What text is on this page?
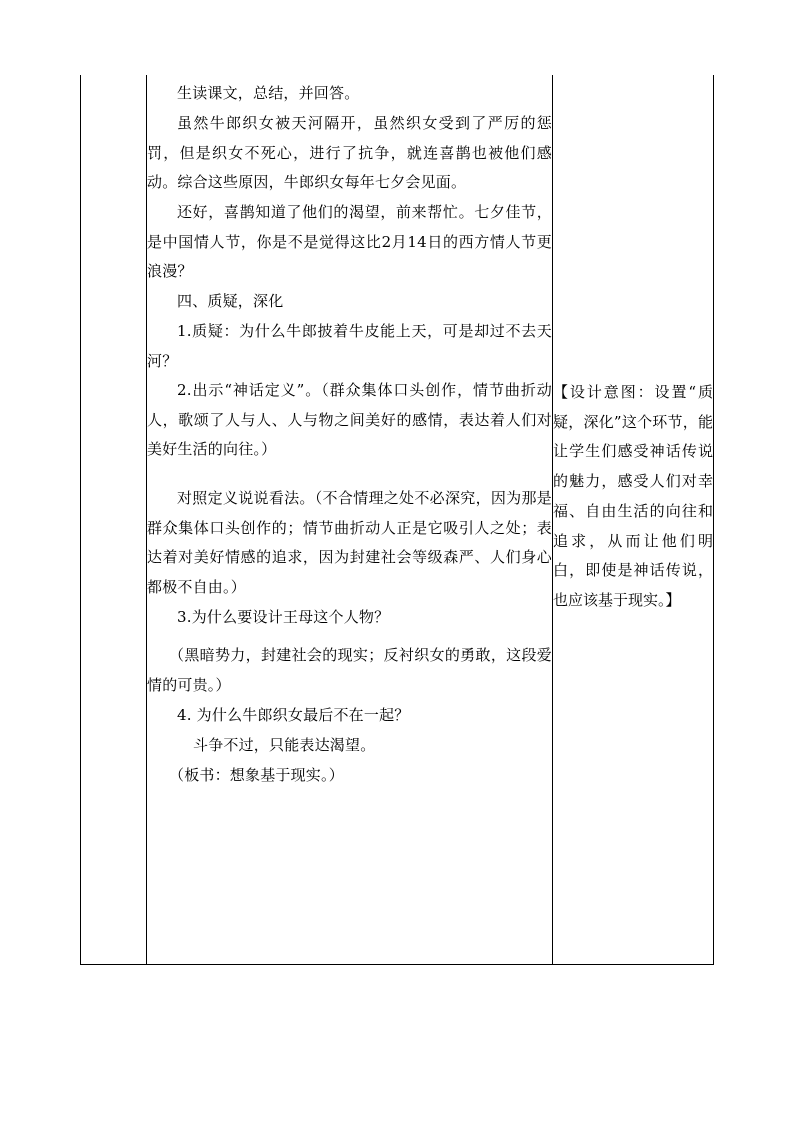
生读课文，总结，并回答。

虽然牛郎织女被天河隔开，虽然织女受到了严厉的惩罚，但是织女不死心，进行了抗争，就连喜鹊也被他们感动。综合这些原因，牛郎织女每年七夕会见面。

还好，喜鹊知道了他们的渴望，前来帮忙。七夕佳节，是中国情人节，你是不是觉得这比2月14日的西方情人节更浪漫？

四、质疑，深化

1.质疑：为什么牛郎披着牛皮能上天，可是却过不去天河？

2.出示“神话定义”。（群众集体口头创作，情节曲折动人，歌颂了人与人、人与物之间美好的感情，表达着人们对美好生活的向往。）

对照定义说说看法。（不合情理之处不必深究，因为那是群众集体口头创作的；情节曲折动人正是它吸引人之处；表达着对美好情感的追求，因为封建社会等级森严、人们身心都极不自由。）

3.为什么要设计王母这个人物？

（黑暗势力，封建社会的现实；反衬织女的勇敢，这段爱情的可贵。）

4. 为什么牛郎织女最后不在一起？

斗争不过，只能表达渴望。

（板书：想象基于现实。）

【设计意图：设置“质疑，深化”这个环节，能让学生们感受神话传说的魅力，感受人们对幸福、自由生活的向往和追求，从而让他们明白，即使是神话传说，也应该基于现实。】
